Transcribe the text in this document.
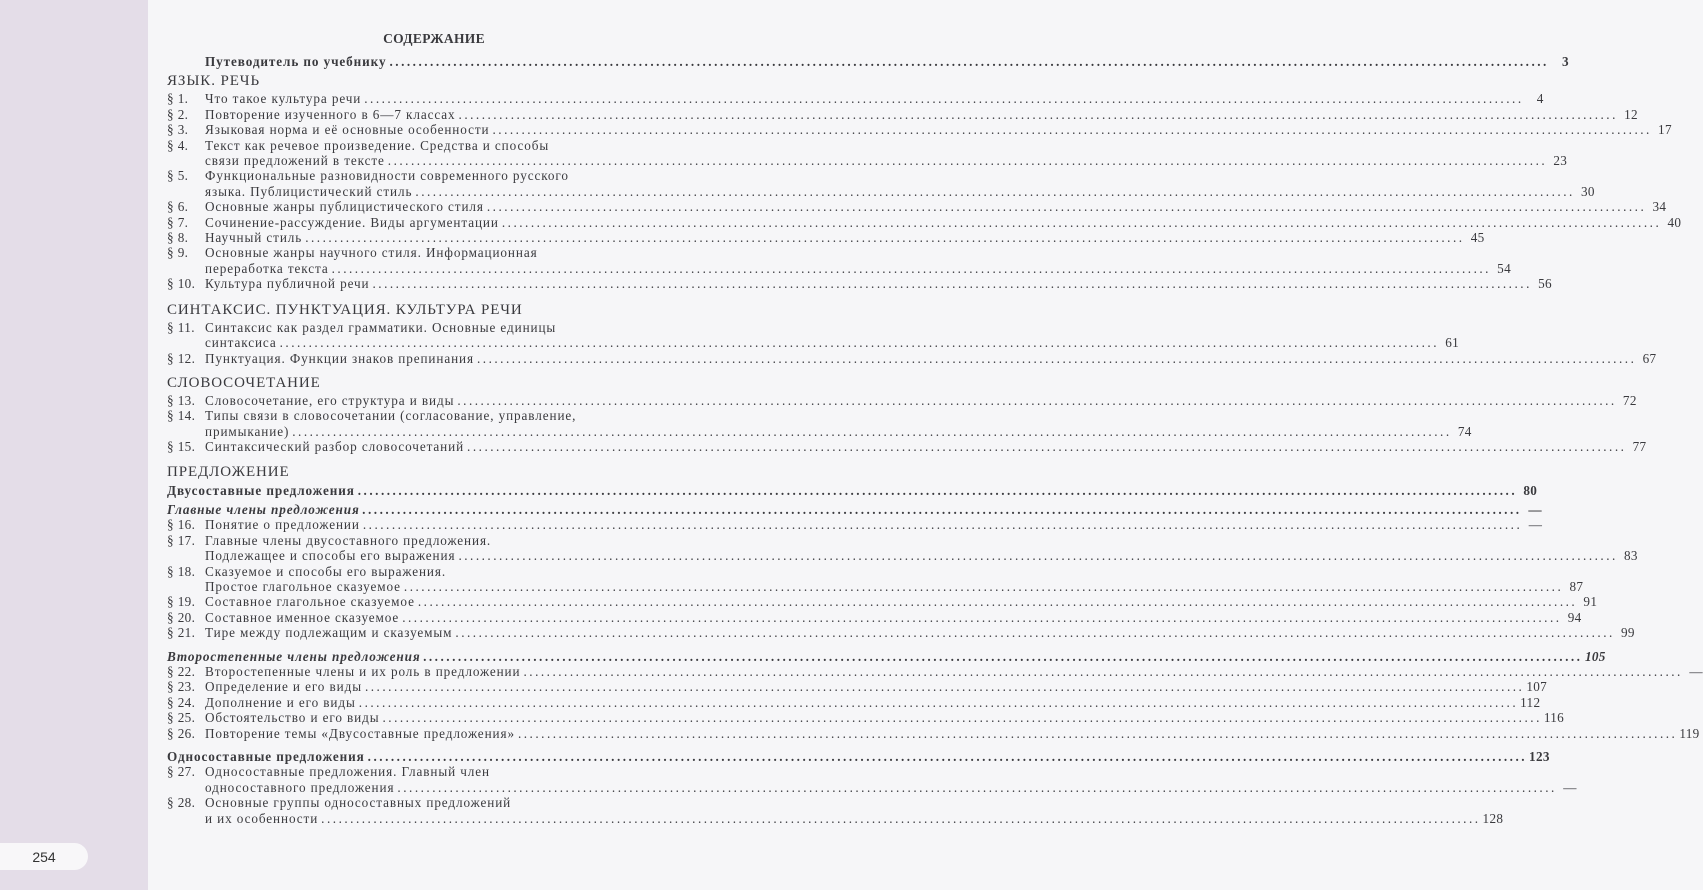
254
СОДЕРЖАНИЕ
Путеводитель по учебнику ........................................................................................................................................................................................................ 3
ЯЗЫК. РЕЧЬ
§ 1.	Что такое культура речи ........................................................................................................................................................................................................ 4
§ 2.	Повторение изученного в 6—7 классах ........................................................................................................................................................................................................ 12
§ 3.	Языковая норма и её основные особенности ........................................................................................................................................................................................................ 17
§ 4.	Текст как речевое произведение. Средства и способы
связи предложений в тексте ........................................................................................................................................................................................................ 23
§ 5.	Функциональные разновидности современного русского
языка. Публицистический стиль ........................................................................................................................................................................................................ 30
§ 6.	Основные жанры публицистического стиля ........................................................................................................................................................................................................ 34
§ 7.	Сочинение-рассуждение. Виды аргументации ........................................................................................................................................................................................................ 40
§ 8.	Научный стиль ........................................................................................................................................................................................................ 45
§ 9.	Основные жанры научного стиля. Информационная
переработка текста ........................................................................................................................................................................................................ 54
§ 10. Культура публичной речи ........................................................................................................................................................................................................ 56
СИНТАКСИС. ПУНКТУАЦИЯ. КУЛЬТУРА РЕЧИ
§ 11. Синтаксис как раздел грамматики. Основные единицы
синтаксиса ........................................................................................................................................................................................................ 61
§ 12. Пунктуация. Функции знаков препинания ........................................................................................................................................................................................................ 67
СЛОВОСОЧЕТАНИЕ
§ 13. Словосочетание, его структура и виды ........................................................................................................................................................................................................ 72
§ 14. Типы связи в словосочетании (согласование, управление,
примыкание) ........................................................................................................................................................................................................ 74
§ 15. Синтаксический разбор словосочетаний ........................................................................................................................................................................................................ 77
ПРЕДЛОЖЕНИЕ
Двусоставные предложения ........................................................................................................................................................................................................ 80
Главные члены предложения ........................................................................................................................................................................................................ —
§ 16. Понятие о предложении ........................................................................................................................................................................................................ —
§ 17. Главные члены двусоставного предложения.
Подлежащее и способы его выражения ........................................................................................................................................................................................................ 83
§ 18. Сказуемое и способы его выражения.
Простое глагольное сказуемое ........................................................................................................................................................................................................ 87
§ 19. Составное глагольное сказуемое ........................................................................................................................................................................................................ 91
§ 20. Составное именное сказуемое ........................................................................................................................................................................................................ 94
§ 21. Тире между подлежащим и сказуемым ........................................................................................................................................................................................................ 99
Второстепенные члены предложения ........................................................................................................................................................................................................ 105
§ 22. Второстепенные члены и их роль в предложении ........................................................................................................................................................................................................ —
§ 23. Определение и его виды ........................................................................................................................................................................................................ 107
§ 24. Дополнение и его виды ........................................................................................................................................................................................................ 112
§ 25. Обстоятельство и его виды ........................................................................................................................................................................................................ 116
§ 26. Повторение темы «Двусоставные предложения» ........................................................................................................................................................................................................ 119
Односоставные предложения ........................................................................................................................................................................................................ 123
§ 27. Односоставные предложения. Главный член
односоставного предложения ........................................................................................................................................................................................................ —
§ 28. Основные группы односоставных предложений
и их особенности ........................................................................................................................................................................................................ 128
